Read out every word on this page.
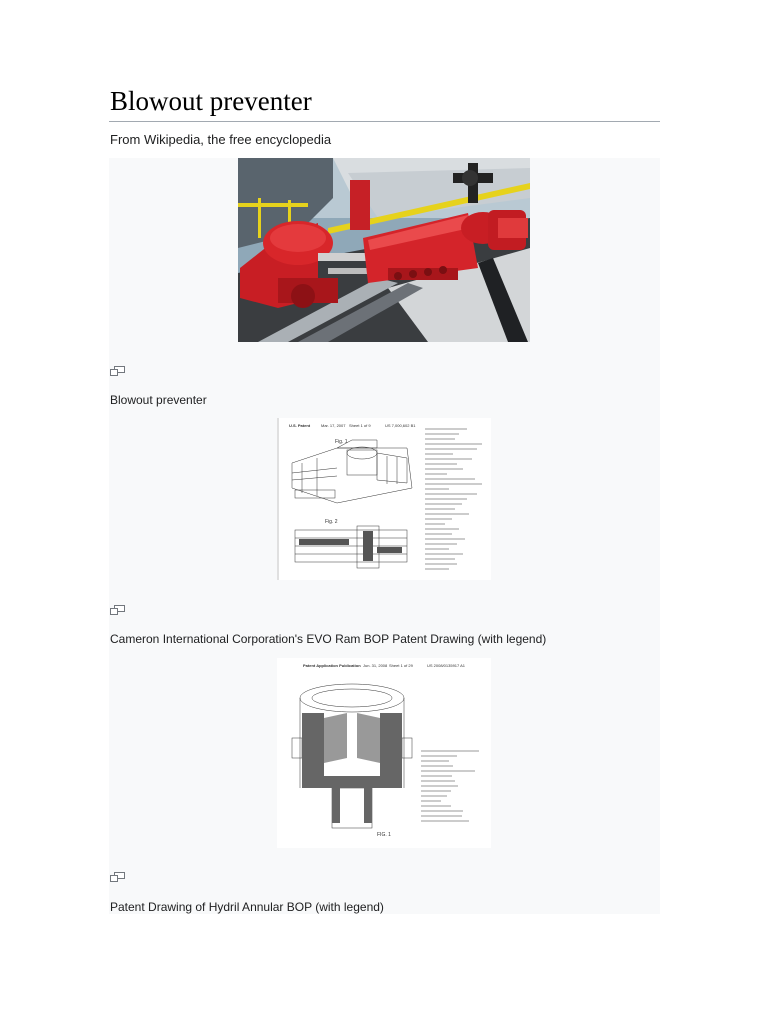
Blowout preventer
From Wikipedia, the free encyclopedia
Blowout preventer
U.S. Patent	Mar. 17, 2007 Sheet 1 of 9	US 7,000,602 B1
Fig. 1
Fig. 2
Cameron International Corporation's EVO Ram BOP Patent Drawing (with legend)
Patent Application Publication Jun. 31, 2008 Sheet 1 of 29	US 2008/0135917 A1
FIG. 1
Patent Drawing of Hydril Annular BOP (with legend)
